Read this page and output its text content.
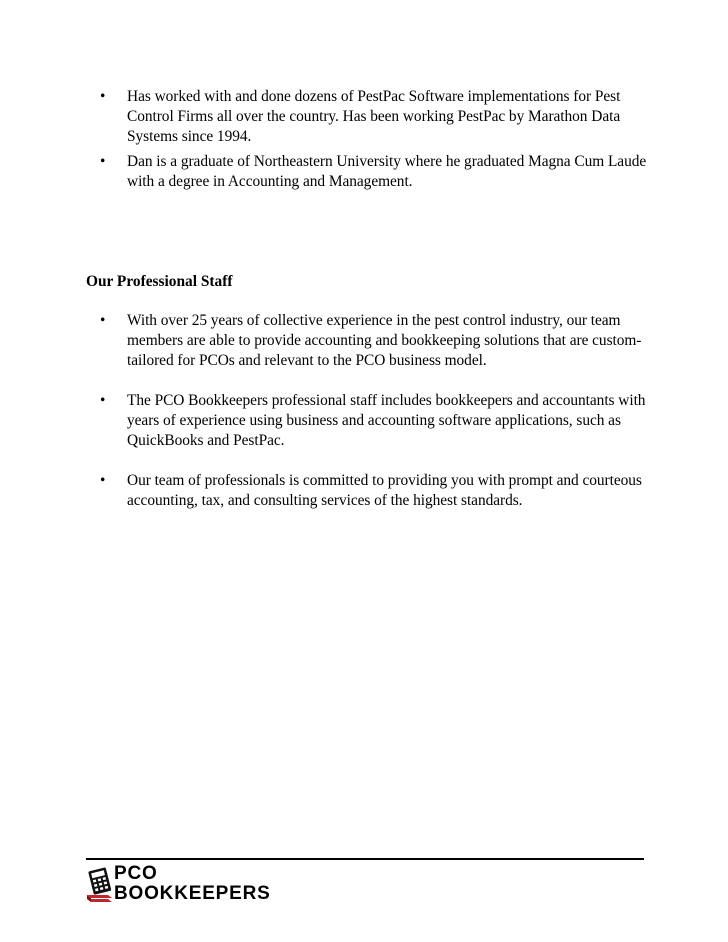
•	Has worked with and done dozens of PestPac Software implementations for Pest Control Firms all over the country. Has been working PestPac by Marathon Data Systems since 1994.
•	Dan is a graduate of Northeastern University where he graduated Magna Cum Laude with a degree in Accounting and Management.
Our Professional Staff
•	With over 25 years of collective experience in the pest control industry, our team members are able to provide accounting and bookkeeping solutions that are custom-tailored for PCOs and relevant to the PCO business model.
•	The PCO Bookkeepers professional staff includes bookkeepers and accountants with years of experience using business and accounting software applications, such as QuickBooks and PestPac.
•	Our team of professionals is committed to providing you with prompt and courteous accounting, tax, and consulting services of the highest standards.
PCO
BOOKKEEPERS
